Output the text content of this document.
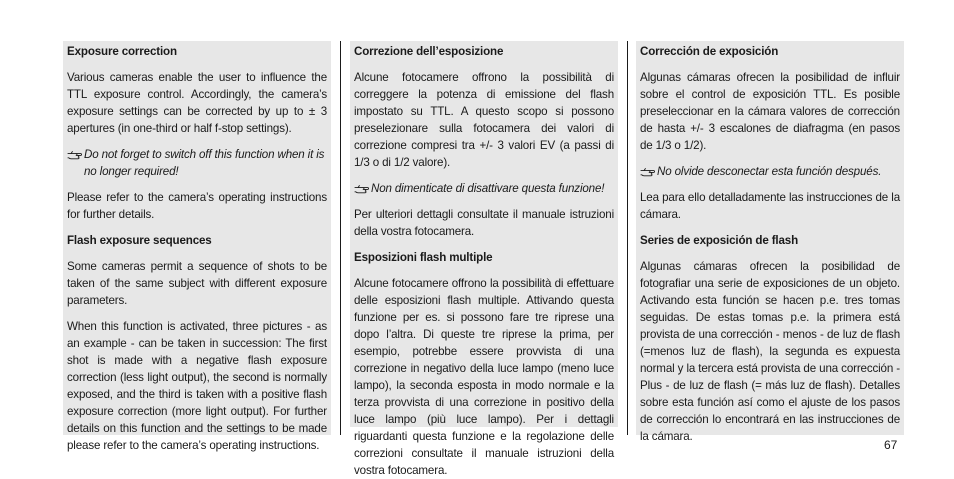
Exposure correction

Various cameras enable the user to influence the TTL exposure control. Accordingly, the camera’s exposure settings can be corrected by up to ± 3 apertures (in one-third or half f-stop settings).

Do not forget to switch off this function when it is no longer required!

Please refer to the camera’s operating instructions for further details.

Flash exposure sequences

Some cameras permit a sequence of shots to be taken of the same subject with different exposure parameters.

When this function is activated, three pictures - as an example - can be taken in succession: The first shot is made with a negative flash exposure correction (less light output), the second is normally exposed, and the third is taken with a positive flash exposure correction (more light output). For further details on this function and the settings to be made please refer to the camera’s operating instructions.

Correzione dell’esposizione

Alcune fotocamere offrono la possibilità di correggere la potenza di emissione del flash impostato su TTL. A questo scopo si possono preselezionare sulla fotocamera dei valori di correzione compresi tra +/- 3 valori EV (a passi di 1/3 o di 1/2 valore).

Non dimenticate di disattivare questa funzione!

Per ulteriori dettagli consultate il manuale istruzioni della vostra fotocamera.

Esposizioni flash multiple

Alcune fotocamere offrono la possibilità di effettuare delle esposizioni flash multiple. Attivando questa funzione per es. si possono fare tre riprese una dopo l’altra. Di queste tre riprese la prima, per esempio, potrebbe essere provvista di una correzione in negativo della luce lampo (meno luce lampo), la seconda esposta in modo normale e la terza provvista di una correzione in positivo della luce lampo (più luce lampo). Per i dettagli riguardanti questa funzione e la regolazione delle correzioni consultate il manuale istruzioni della vostra fotocamera.

Corrección de exposición

Algunas cámaras ofrecen la posibilidad de influir sobre el control de exposición TTL. Es posible preseleccionar en la cámara valores de corrección de hasta +/- 3 escalones de diafragma (en pasos de 1/3 o 1/2).

No olvide desconectar esta función después.

Lea para ello detalladamente las instrucciones de la cámara.

Series de exposición de flash

Algunas cámaras ofrecen la posibilidad de fotografiar una serie de exposiciones de un objeto. Activando esta función se hacen p.e. tres tomas seguidas. De estas tomas p.e. la primera está provista de una corrección - menos - de luz de flash (=menos luz de flash), la segunda es expuesta normal y la tercera está provista de una corrección - Plus - de luz de flash (= más luz de flash). Detalles sobre esta función así como el ajuste de los pasos de corrección lo encontrará en las instrucciones de la cámara.

67
